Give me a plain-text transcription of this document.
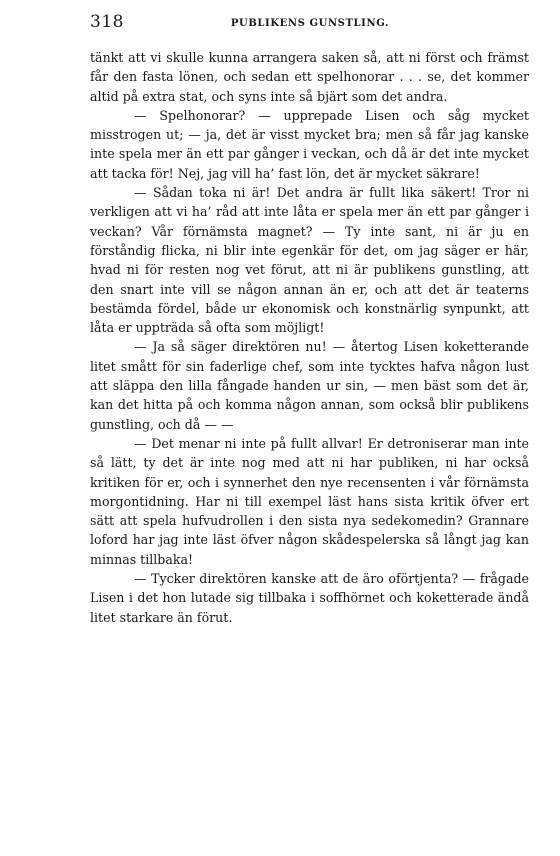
318	PUBLIKENS GUNSTLING.

tänkt att vi skulle kunna arrangera saken så, att ni först och främst får den fasta lönen, och sedan ett spelhonorar . . . se, det kommer altid på extra stat, och syns inte så bjärt som det andra.

— Spelhonorar? — upprepade Lisen och såg mycket misstrogen ut; — ja, det är visst mycket bra; men så får jag kanske inte spela mer än ett par gånger i veckan, och då är det inte mycket att tacka för! Nej, jag vill ha’ fast lön, det är mycket säkrare!

— Sådan toka ni är! Det andra är fullt lika säkert! Tror ni verkligen att vi ha’ råd att inte låta er spela mer än ett par gånger i veckan? Vår förnämsta magnet? — Ty inte sant, ni är ju en förståndig flicka, ni blir inte egenkär för det, om jag säger er här, hvad ni för resten nog vet förut, att ni är publikens gunstling, att den snart inte vill se någon annan än er, och att det är teaterns bestämda fördel, både ur ekonomisk och konstnärlig synpunkt, att låta er uppträda så ofta som möjligt!

— Ja så säger direktören nu! — återtog Lisen koketterande litet smått för sin faderlige chef, som inte tycktes hafva någon lust att släppa den lilla fångade handen ur sin, — men bäst som det är, kan det hitta på och komma någon annan, som också blir publikens gunstling, och då — —

— Det menar ni inte på fullt allvar! Er detroniserar man inte så lätt, ty det är inte nog med att ni har publiken, ni har också kritiken för er, och i synnerhet den nye recensenten i vår förnämsta morgontidning. Har ni till exempel läst hans sista kritik öfver ert sätt att spela hufvudrollen i den sista nya sedekomedin? Grannare loford har jag inte läst öfver någon skådespelerska så långt jag kan minnas tillbaka!

— Tycker direktören kanske att de äro oförtjenta? — frågade Lisen i det hon lutade sig tillbaka i soffhörnet och koketterade ändå litet starkare än förut.
